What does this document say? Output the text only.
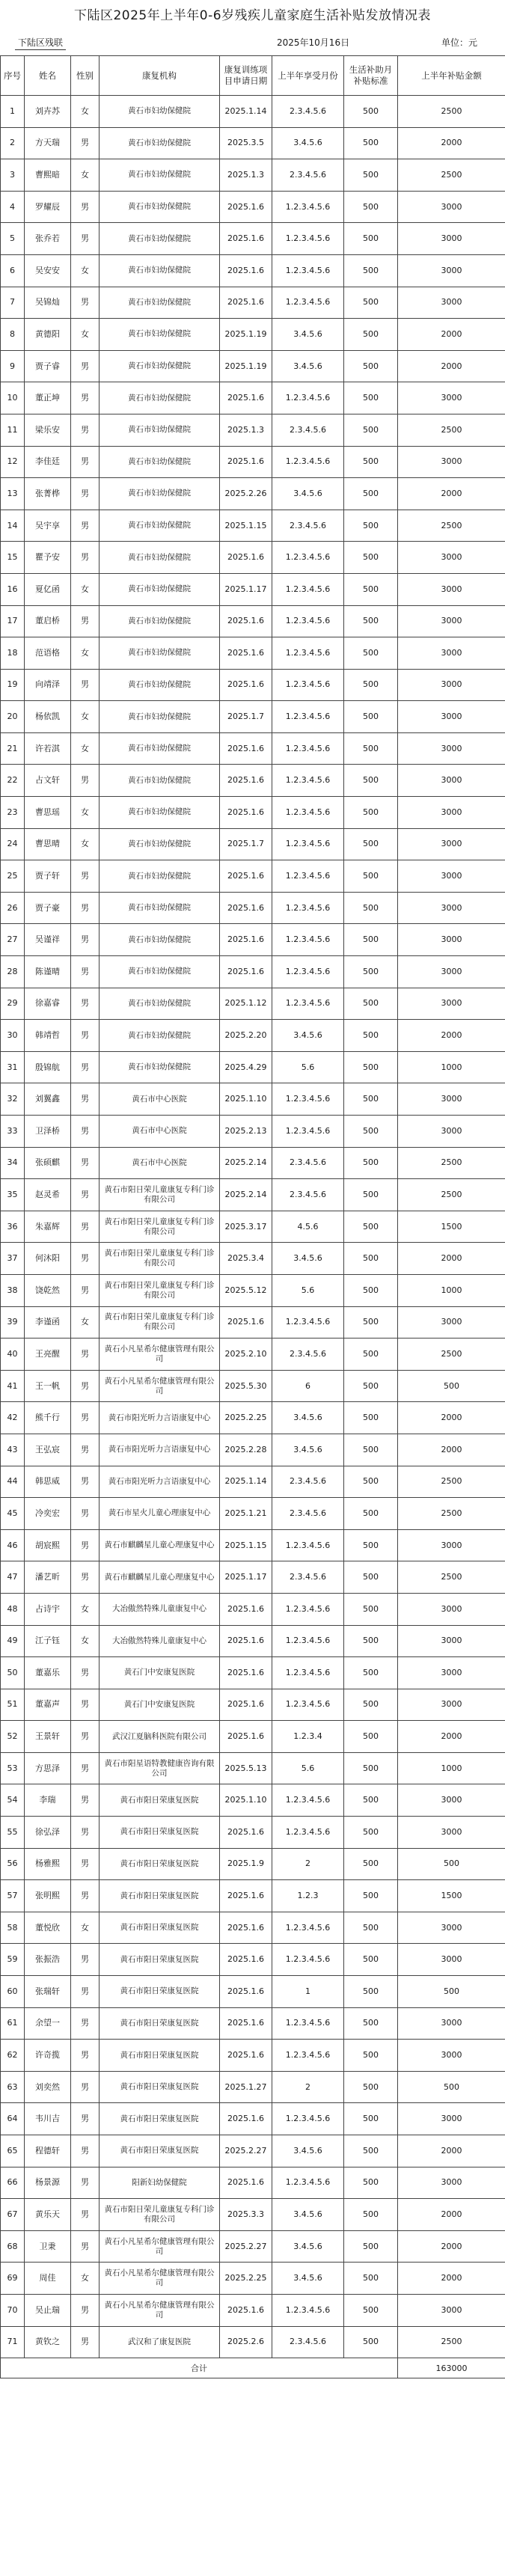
下陆区2025年上半年0-6岁残疾儿童家庭生活补贴发放情况表
下陆区残联	2025年10月16日	单位：元
序号	姓名	性别	康复机构	康复训练项目申请日期	上半年享受月份	生活补助月补贴标准	上半年补贴金额
1	刘卉苏	女	黄石市妇幼保健院	2025.1.14	2.3.4.5.6	500	2500
2	方天瑞	男	黄石市妇幼保健院	2025.3.5	3.4.5.6	500	2000
3	曹熙暗	女	黄石市妇幼保健院	2025.1.3	2.3.4.5.6	500	2500
4	罗耀辰	男	黄石市妇幼保健院	2025.1.6	1.2.3.4.5.6	500	3000
5	张乔若	男	黄石市妇幼保健院	2025.1.6	1.2.3.4.5.6	500	3000
6	吴安安	女	黄石市妇幼保健院	2025.1.6	1.2.3.4.5.6	500	3000
7	吴锦灿	男	黄石市妇幼保健院	2025.1.6	1.2.3.4.5.6	500	3000
8	黄德阳	女	黄石市妇幼保健院	2025.1.19	3.4.5.6	500	2000
9	贾子睿	男	黄石市妇幼保健院	2025.1.19	3.4.5.6	500	2000
10	董正坤	男	黄石市妇幼保健院	2025.1.6	1.2.3.4.5.6	500	3000
11	梁乐安	男	黄石市妇幼保健院	2025.1.3	2.3.4.5.6	500	2500
12	李佳廷	男	黄石市妇幼保健院	2025.1.6	1.2.3.4.5.6	500	3000
13	张菁桦	男	黄石市妇幼保健院	2025.2.26	3.4.5.6	500	2000
14	吴宇享	男	黄石市妇幼保健院	2025.1.15	2.3.4.5.6	500	2500
15	瞿予安	男	黄石市妇幼保健院	2025.1.6	1.2.3.4.5.6	500	3000
16	夏亿函	女	黄石市妇幼保健院	2025.1.17	1.2.3.4.5.6	500	3000
17	董启桥	男	黄石市妇幼保健院	2025.1.6	1.2.3.4.5.6	500	3000
18	范语格	女	黄石市妇幼保健院	2025.1.6	1.2.3.4.5.6	500	3000
19	向靖泽	男	黄石市妇幼保健院	2025.1.6	1.2.3.4.5.6	500	3000
20	杨依凯	女	黄石市妇幼保健院	2025.1.7	1.2.3.4.5.6	500	3000
21	许若淇	女	黄石市妇幼保健院	2025.1.6	1.2.3.4.5.6	500	3000
22	占文轩	男	黄石市妇幼保健院	2025.1.6	1.2.3.4.5.6	500	3000
23	曹思瑶	女	黄石市妇幼保健院	2025.1.6	1.2.3.4.5.6	500	3000
24	曹思晴	女	黄石市妇幼保健院	2025.1.7	1.2.3.4.5.6	500	3000
25	贾子轩	男	黄石市妇幼保健院	2025.1.6	1.2.3.4.5.6	500	3000
26	贾子豪	男	黄石市妇幼保健院	2025.1.6	1.2.3.4.5.6	500	3000
27	吴谨祥	男	黄石市妇幼保健院	2025.1.6	1.2.3.4.5.6	500	3000
28	陈谨晴	男	黄石市妇幼保健院	2025.1.6	1.2.3.4.5.6	500	3000
29	徐嘉睿	男	黄石市妇幼保健院	2025.1.12	1.2.3.4.5.6	500	3000
30	韩靖哲	男	黄石市妇幼保健院	2025.2.20	3.4.5.6	500	2000
31	殷锦航	男	黄石市妇幼保健院	2025.4.29	5.6	500	1000
32	刘翼鑫	男	黄石市中心医院	2025.1.10	1.2.3.4.5.6	500	3000
33	卫泽桥	男	黄石市中心医院	2025.2.13	1.2.3.4.5.6	500	3000
34	张硕麒	男	黄石市中心医院	2025.2.14	2.3.4.5.6	500	2500
35	赵灵希	男	黄石市阳日荣儿童康复专科门诊有限公司	2025.2.14	2.3.4.5.6	500	2500
36	朱嘉辉	男	黄石市阳日荣儿童康复专科门诊有限公司	2025.3.17	4.5.6	500	1500
37	何沐阳	男	黄石市阳日荣儿童康复专科门诊有限公司	2025.3.4	3.4.5.6	500	2000
38	饶乾然	男	黄石市阳日荣儿童康复专科门诊有限公司	2025.5.12	5.6	500	1000
39	李谨函	女	黄石市阳日荣儿童康复专科门诊有限公司	2025.1.6	1.2.3.4.5.6	500	3000
40	王亮醒	男	黄石小凡星希尔健康管理有限公司	2025.2.10	2.3.4.5.6	500	2500
41	王一帆	男	黄石小凡星希尔健康管理有限公司	2025.5.30	6	500	500
42	熊千行	男	黄石市阳光听力言语康复中心	2025.2.25	3.4.5.6	500	2000
43	王弘宸	男	黄石市阳光听力言语康复中心	2025.2.28	3.4.5.6	500	2000
44	韩思威	男	黄石市阳光听力言语康复中心	2025.1.14	2.3.4.5.6	500	2500
45	冷奕宏	男	黄石市星火儿童心理康复中心	2025.1.21	2.3.4.5.6	500	2500
46	胡宸熙	男	黄石市麒麟星儿童心理康复中心	2025.1.15	1.2.3.4.5.6	500	3000
47	潘艺昕	男	黄石市麒麟星儿童心理康复中心	2025.1.17	2.3.4.5.6	500	2500
48	占诗宇	女	大冶傲然特殊儿童康复中心	2025.1.6	1.2.3.4.5.6	500	3000
49	江子钰	女	大冶傲然特殊儿童康复中心	2025.1.6	1.2.3.4.5.6	500	3000
50	董嘉乐	男	黄石门中安康复医院	2025.1.6	1.2.3.4.5.6	500	3000
51	董嘉声	男	黄石门中安康复医院	2025.1.6	1.2.3.4.5.6	500	3000
52	王景轩	男	武汉江夏脑科医院有限公司	2025.1.6	1.2.3.4	500	2000
53	方思泽	男	黄石市阳星语特教健康咨询有限公司	2025.5.13	5.6	500	1000
54	李瑞	男	黄石市阳日荣康复医院	2025.1.10	1.2.3.4.5.6	500	3000
55	徐弘泽	男	黄石市阳日荣康复医院	2025.1.6	1.2.3.4.5.6	500	3000
56	杨雅熙	男	黄石市阳日荣康复医院	2025.1.9	2	500	500
57	张明熙	男	黄石市阳日荣康复医院	2025.1.6	1.2.3	500	1500
58	董悦欣	女	黄石市阳日荣康复医院	2025.1.6	1.2.3.4.5.6	500	3000
59	张振浩	男	黄石市阳日荣康复医院	2025.1.6	1.2.3.4.5.6	500	3000
60	张瑞轩	男	黄石市阳日荣康复医院	2025.1.6	1	500	500
61	余望一	男	黄石市阳日荣康复医院	2025.1.6	1.2.3.4.5.6	500	3000
62	许奇揽	男	黄石市阳日荣康复医院	2025.1.6	1.2.3.4.5.6	500	3000
63	刘奕然	男	黄石市阳日荣康复医院	2025.1.27	2	500	500
64	韦川吉	男	黄石市阳日荣康复医院	2025.1.6	1.2.3.4.5.6	500	3000
65	程德轩	男	黄石市阳日荣康复医院	2025.2.27	3.4.5.6	500	2000
66	杨景源	男	阳新妇幼保健院	2025.1.6	1.2.3.4.5.6	500	3000
67	黄乐天	男	黄石市阳日荣儿童康复专科门诊有限公司	2025.3.3	3.4.5.6	500	2000
68	卫秉	男	黄石小凡星希尔健康管理有限公司	2025.2.27	3.4.5.6	500	2000
69	周佳	女	黄石小凡星希尔健康管理有限公司	2025.2.25	3.4.5.6	500	2000
70	吴止瑞	男	黄石小凡星希尔健康管理有限公司	2025.1.6	1.2.3.4.5.6	500	3000
71	黄钦之	男	武汉和了康复医院	2025.2.6	2.3.4.5.6	500	2500
合计							163000
